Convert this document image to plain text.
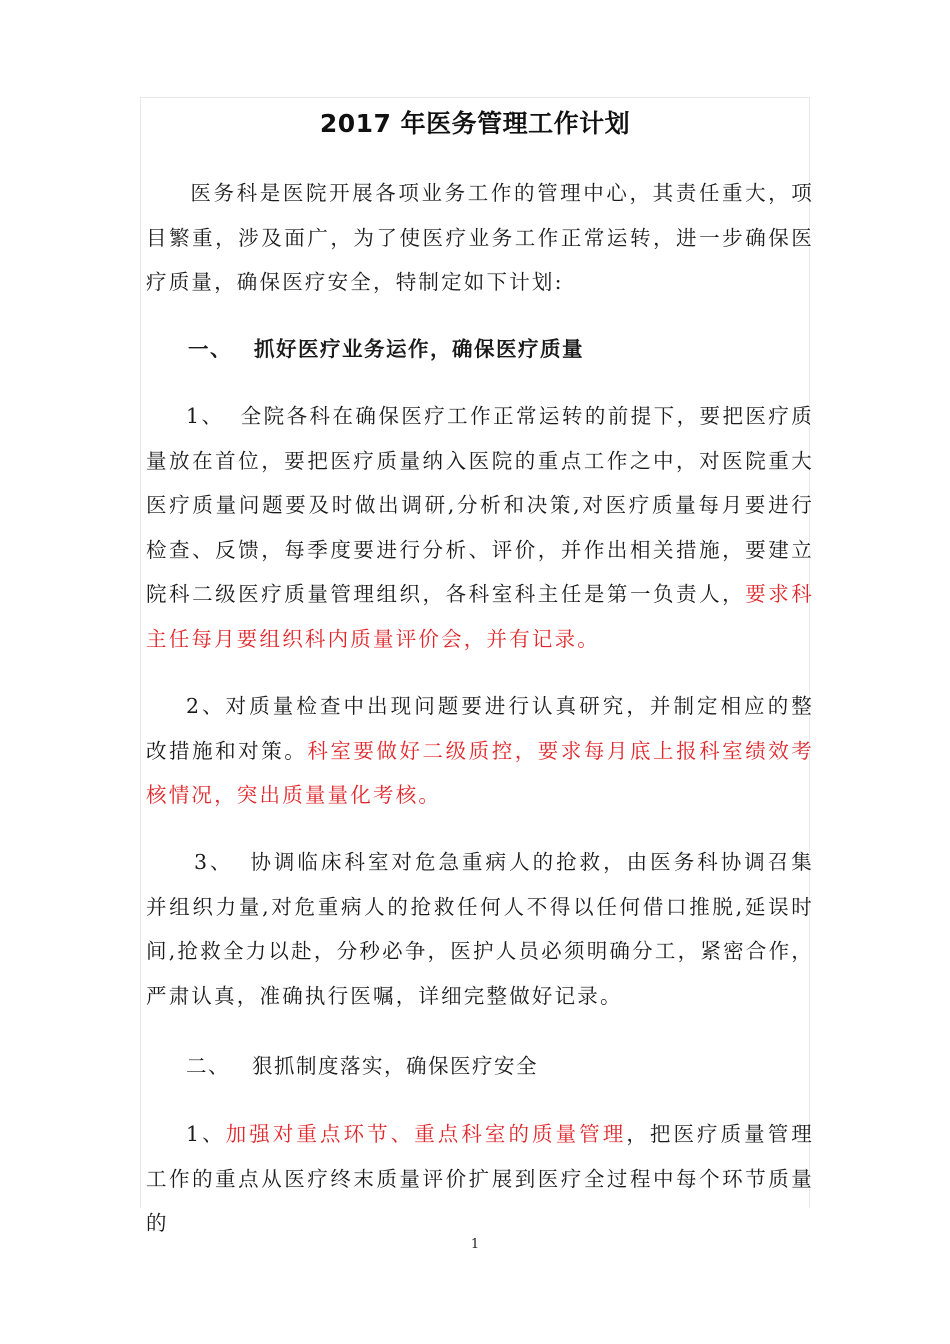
2017 年医务管理工作计划

医务科是医院开展各项业务工作的管理中心，其责任重大，项目繁重，涉及面广，为了使医疗业务工作正常运转，进一步确保医疗质量，确保医疗安全，特制定如下计划:

一、 抓好医疗业务运作，确保医疗质量

1、 全院各科在确保医疗工作正常运转的前提下，要把医疗质量放在首位，要把医疗质量纳入医院的重点工作之中，对医院重大医疗质量问题要及时做出调研,分析和决策,对医疗质量每月要进行检查、反馈，每季度要进行分析、评价，并作出相关措施，要建立院科二级医疗质量管理组织，各科室科主任是第一负责人，要求科主任每月要组织科内质量评价会，并有记录。

2、对质量检查中出现问题要进行认真研究，并制定相应的整改措施和对策。科室要做好二级质控，要求每月底上报科室绩效考核情况，突出质量量化考核。

3、 协调临床科室对危急重病人的抢救，由医务科协调召集并组织力量,对危重病人的抢救任何人不得以任何借口推脱,延误时间,抢救全力以赴，分秒必争，医护人员必须明确分工，紧密合作，严肃认真，准确执行医嘱，详细完整做好记录。

二、 狠抓制度落实，确保医疗安全

1、加强对重点环节、重点科室的质量管理，把医疗质量管理工作的重点从医疗终末质量评价扩展到医疗全过程中每个环节质量的

1
